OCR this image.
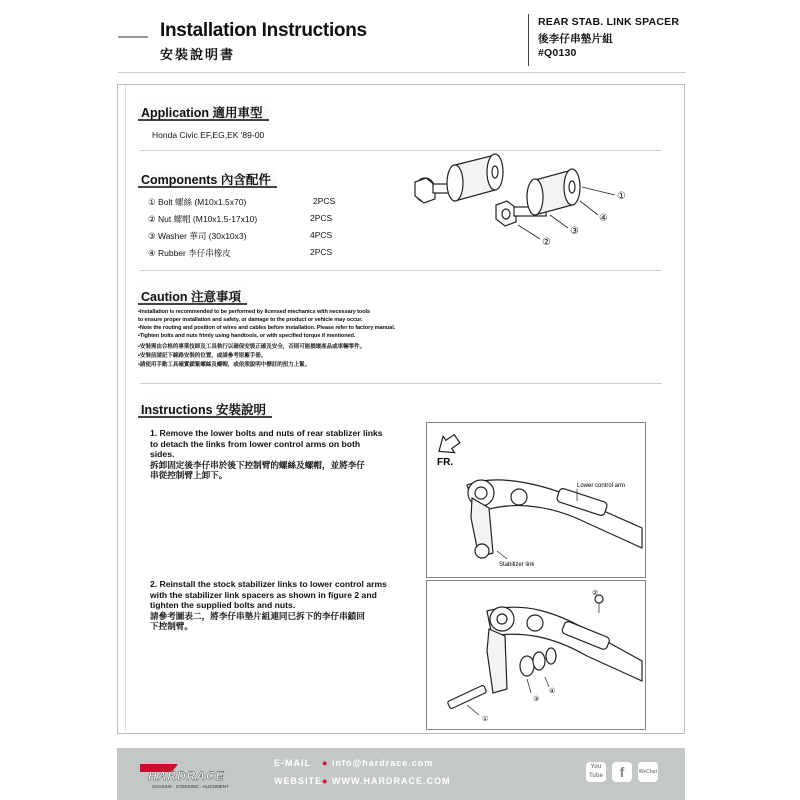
Installation Instructions
安裝說明書
REAR STAB. LINK SPACER
後李仔串墊片組
#Q0130
Application 適用車型
Honda Civic EF,EG,EK '89-00
Components 內含配件
① Bolt 螺絲 (M10x1.5x70)	2PCS
② Nut 螺帽 (M10x1.5-17x10)	2PCS
③ Washer 華司 (30x10x3)	4PCS
④ Rubber 李仔串橡皮	2PCS
①
②
③
④
Caution 注意事項
•Installation is recommended to be performed by licensed mechanics with necessary tools
to ensure proper installation and safety, or damage to the product or vehicle may occur.
•Note the routing and position of wires and cables before installation. Please refer to factory manual.
•Tighten bolts and nuts frimly using handtools, or with specified torque if mentioned.
•安裝需由合格的專業技師及工具執行以確保安裝正確及安全，否則可能損壞產品或車輛零件。
•安裝前請記下線路安裝的位置，或請參考原廠手冊。
•請使用手動工具確實鎖緊螺絲及螺帽，或依照說明中標註的扭力上緊。
Instructions 安裝說明
1. Remove the lower bolts and nuts of rear stablizer links
to detach the links from lower control arms on both
sides.
拆卸固定後李仔串於後下控制臂的螺絲及螺帽，並將李仔
串從控制臂上卸下。
2. Reinstall the stock stabilizer links to lower control arms
with the stabilizer link spacers as shown in figure 2 and
tighten the supplied bolts and nuts.
請參考圖表二，將李仔串墊片組連同已拆下的李仔串鎖回
下控制臂。
FR.
Lower control arm
Stabilizer link
①
②
③
④
HARDRACE
CHASSIS · STEERING · ALIGNMENT
E-MAIL ● info@hardrace.com
WEBSITE● WWW.HARDRACE.COM
You Tube	f	WeChat
